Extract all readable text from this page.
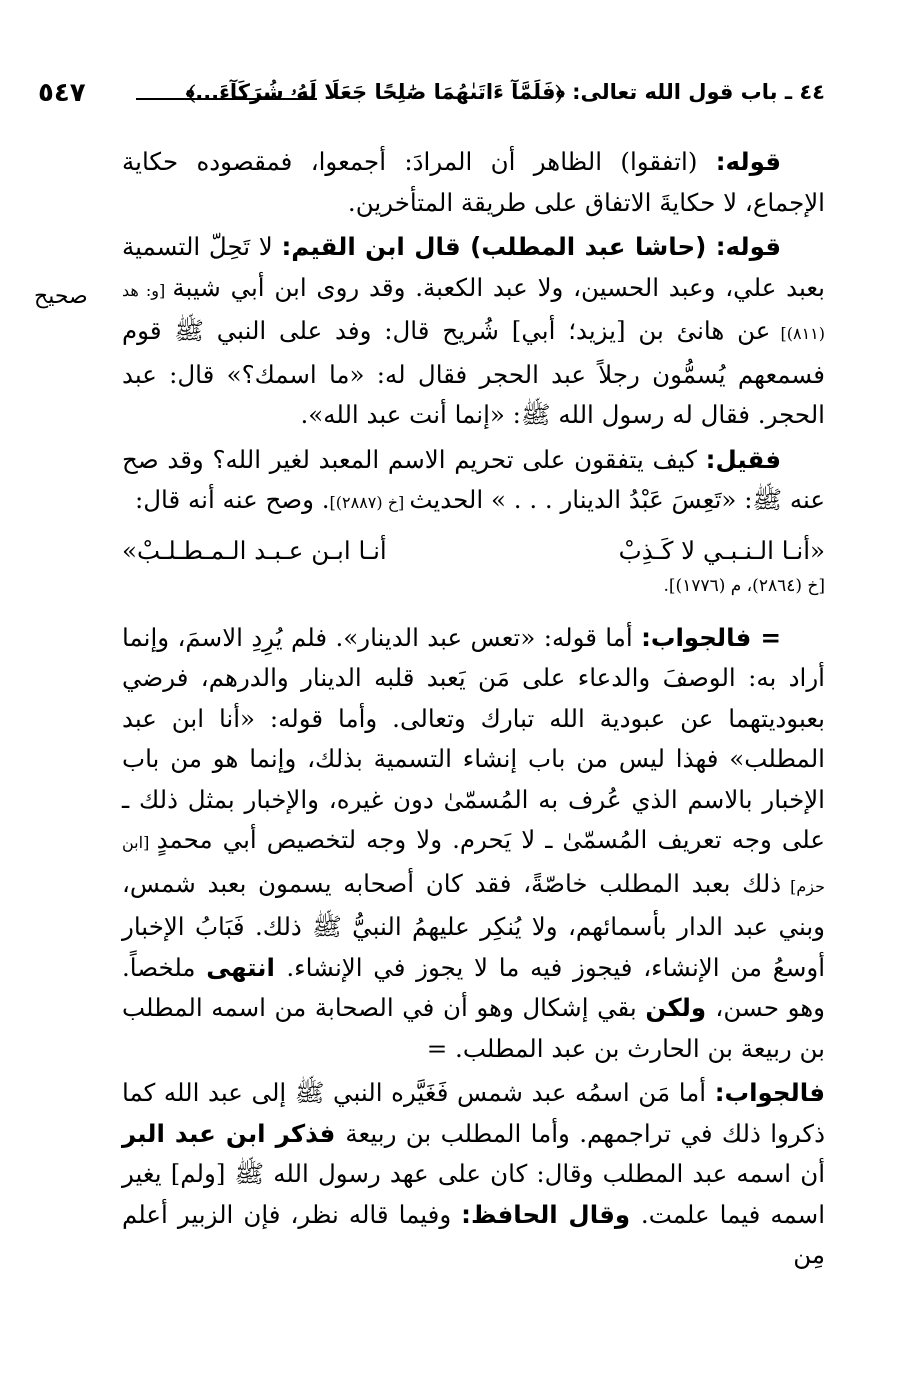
٤٤ ـ باب قول الله تعالى: ﴿فَلَمَّآ ءَاتَىٰهُمَا صَٰلِحًا جَعَلَا لَهُۥ شُرَكَآءَ...﴾
٥٤٧
صحيح

قوله: (اتفقوا) الظاهر أن المرادَ: أجمعوا، فمقصوده حكاية الإجماع، لا حكايةَ الاتفاق على طريقة المتأخرين.

قوله: (حاشا عبد المطلب) قال ابن القيم: لا تَحِلّ التسمية بعبد علي، وعبد الحسين، ولا عبد الكعبة. وقد روى ابن أبي شيبة [و: هد (٨١١)] عن هانئ بن [يزيد؛ أبي] شُريح قال: وفد على النبي ﷺ قوم فسمعهم يُسمُّون رجلاً عبد الحجر فقال له: «ما اسمك؟» قال: عبد الحجر. فقال له رسول الله ﷺ: «إنما أنت عبد الله».

فقيل: كيف يتفقون على تحريم الاسم المعبد لغير الله؟ وقد صح عنه ﷺ: «تَعِسَ عَبْدُ الدينار . . . » الحديث [خ (٢٨٨٧)]. وصح عنه أنه قال:

«أنـا الـنـبـي لا كَـذِبْ
أنـا ابـن عـبـد الـمـطـلـبْ»
[خ (٢٨٦٤)، م (١٧٧٦)].

= فالجواب: أما قوله: «تعس عبد الدينار». فلم يُرِدِ الاسمَ، وإنما أراد به: الوصفَ والدعاء على مَن يَعبد قلبه الدينار والدرهم، فرضي بعبوديتهما عن عبودية الله تبارك وتعالى. وأما قوله: «أنا ابن عبد المطلب» فهذا ليس من باب إنشاء التسمية بذلك، وإنما هو من باب الإخبار بالاسم الذي عُرف به المُسمّىٰ دون غيره، والإخبار بمثل ذلك ـ على وجه تعريف المُسمّىٰ ـ لا يَحرم. ولا وجه لتخصيص أبي محمدٍ [ابن حزم] ذلك بعبد المطلب خاصّةً، فقد كان أصحابه يسمون بعبد شمس، وبني عبد الدار بأسمائهم، ولا يُنكِر عليهمُ النبيُّ ﷺ ذلك. فَبَابُ الإخبار أوسعُ من الإنشاء، فيجوز فيه ما لا يجوز في الإنشاء. انتهى ملخصاً. وهو حسن، ولكن بقي إشكال وهو أن في الصحابة من اسمه المطلب بن ربيعة بن الحارث بن عبد المطلب. =

فالجواب: أما مَن اسمُه عبد شمس فَغَيَّره النبي ﷺ إلى عبد الله كما ذكروا ذلك في تراجمهم. وأما المطلب بن ربيعة فذكر ابن عبد البر أن اسمه عبد المطلب وقال: كان على عهد رسول الله ﷺ [ولم] يغير اسمه فيما علمت. وقال الحافظ: وفيما قاله نظر، فإن الزبير أعلم مِن
